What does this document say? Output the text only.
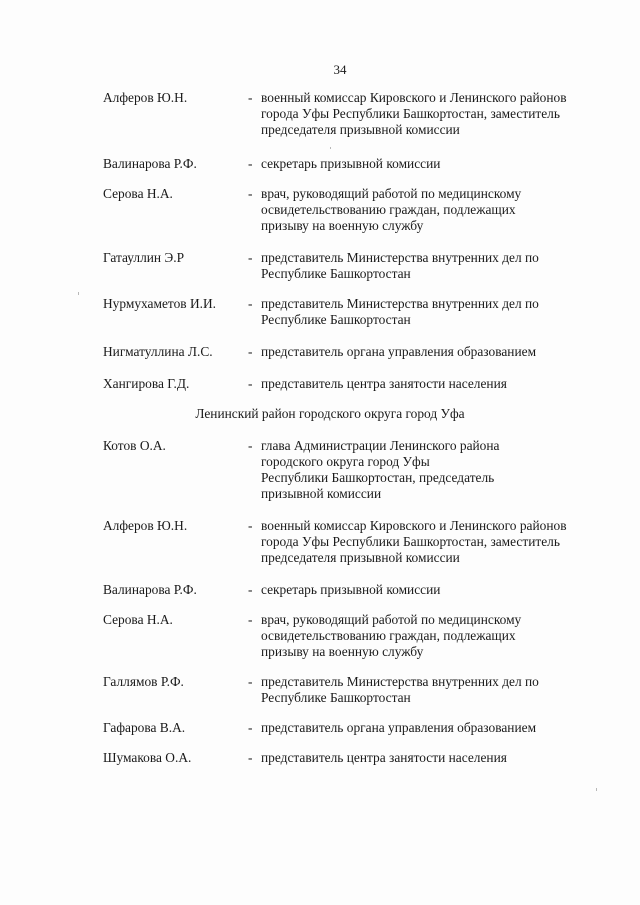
34
Алферов Ю.Н.	- военный комиссар Кировского и Ленинского районов
города Уфы Республики Башкортостан, заместитель
председателя призывной комиссии
Валинарова Р.Ф.	- секретарь призывной комиссии
Серова Н.А.	- врач, руководящий работой по медицинскому
освидетельствованию граждан, подлежащих
призыву на военную службу
Гатауллин Э.Р	- представитель Министерства внутренних дел по
Республике Башкортостан
Нурмухаметов И.И. - представитель Министерства внутренних дел по
Республике Башкортостан
Нигматуллина Л.С.	- представитель органа управления образованием
Хангирова Г.Д.	- представитель центра занятости населения
Ленинский район городского округа город Уфа
Котов О.А.	- глава Администрации Ленинского района
городского округа город Уфы
Республики Башкортостан, председатель
призывной комиссии
Алферов Ю.Н.	- военный комиссар Кировского и Ленинского районов
города Уфы Республики Башкортостан, заместитель
председателя призывной комиссии
Валинарова Р.Ф.	- секретарь призывной комиссии
Серова Н.А.	- врач, руководящий работой по медицинскому
освидетельствованию граждан, подлежащих
призыву на военную службу
Галлямов Р.Ф.	- представитель Министерства внутренних дел по
Республике Башкортостан
Гафарова В.А.	- представитель органа управления образованием
Шумакова О.А.	- представитель центра занятости населения
